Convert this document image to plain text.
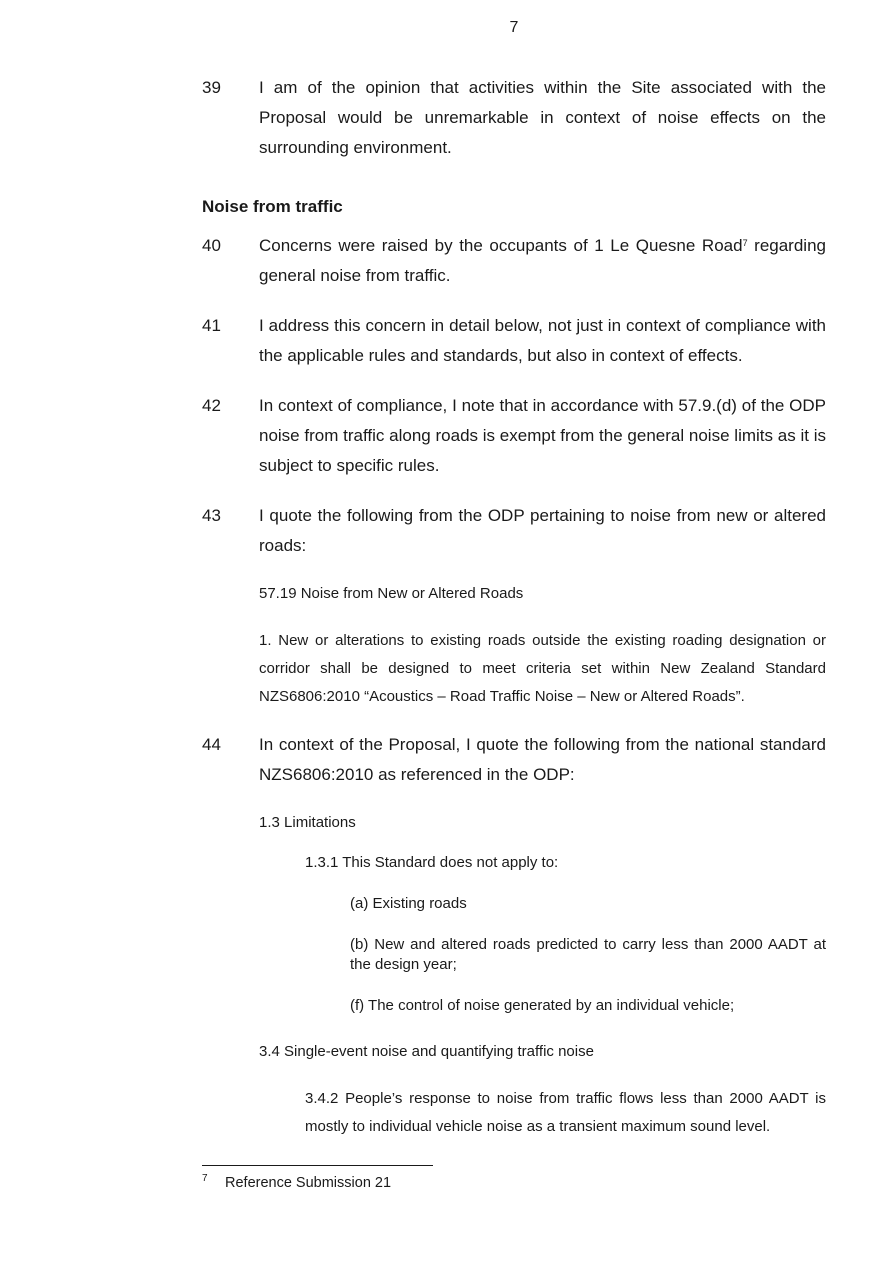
7
39 I am of the opinion that activities within the Site associated with the Proposal would be unremarkable in context of noise effects on the surrounding environment.
Noise from traffic
40 Concerns were raised by the occupants of 1 Le Quesne Road$^7$ regarding general noise from traffic.
41 I address this concern in detail below, not just in context of compliance with the applicable rules and standards, but also in context of effects.
42 In context of compliance, I note that in accordance with 57.9.(d) of the ODP noise from traffic along roads is exempt from the general noise limits as it is subject to specific rules.
43 I quote the following from the ODP pertaining to noise from new or altered roads:
57.19 Noise from New or Altered Roads
1. New or alterations to existing roads outside the existing roading designation or corridor shall be designed to meet criteria set within New Zealand Standard NZS6806:2010 “Acoustics – Road Traffic Noise – New or Altered Roads”.
44 In context of the Proposal, I quote the following from the national standard NZS6806:2010 as referenced in the ODP:
1.3 Limitations
1.3.1 This Standard does not apply to:
(a) Existing roads
(b) New and altered roads predicted to carry less than 2000 AADT at the design year;
(f) The control of noise generated by an individual vehicle;
3.4 Single-event noise and quantifying traffic noise
3.4.2 People’s response to noise from traffic flows less than 2000 AADT is mostly to individual vehicle noise as a transient maximum sound level.
7 Reference Submission 21
